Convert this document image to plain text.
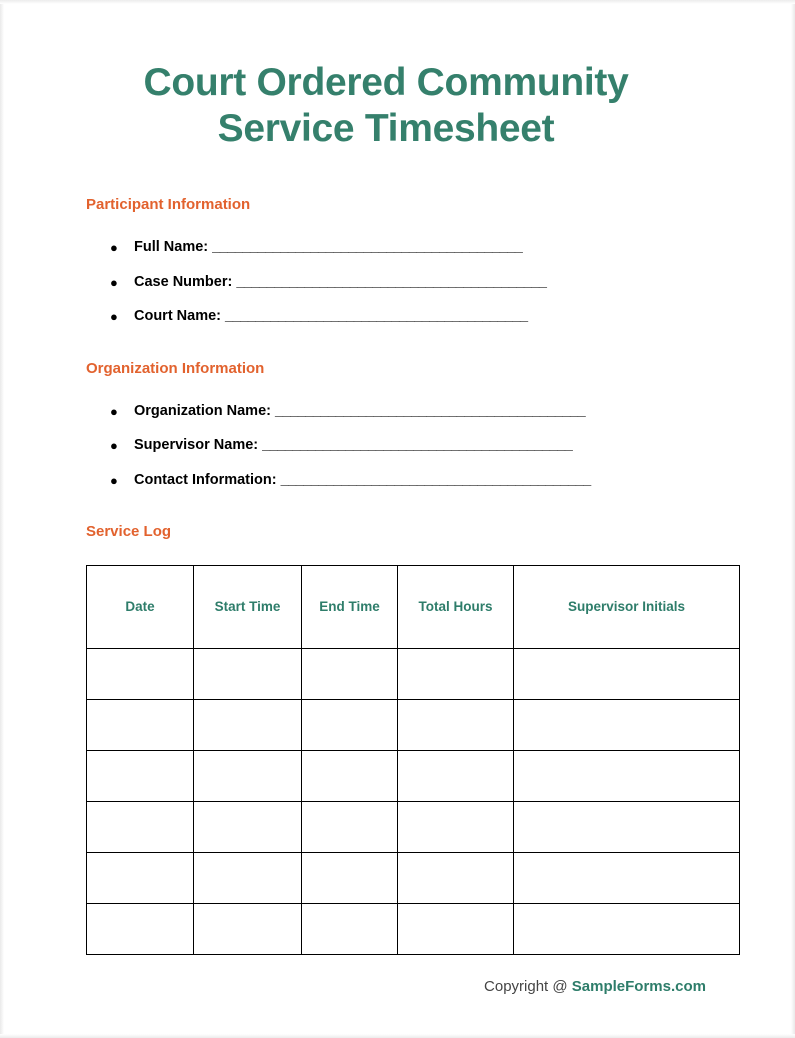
Court Ordered Community Service Timesheet
Participant Information
● Full Name: _________________________________________
● Case Number: _________________________________________
● Court Name: ________________________________________
Organization Information
● Organization Name: _________________________________________
● Supervisor Name: _________________________________________
● Contact Information: _________________________________________
Service Log
Date	Start Time	End Time	Total Hours	Supervisor Initials

Copyright @ SampleForms.com
